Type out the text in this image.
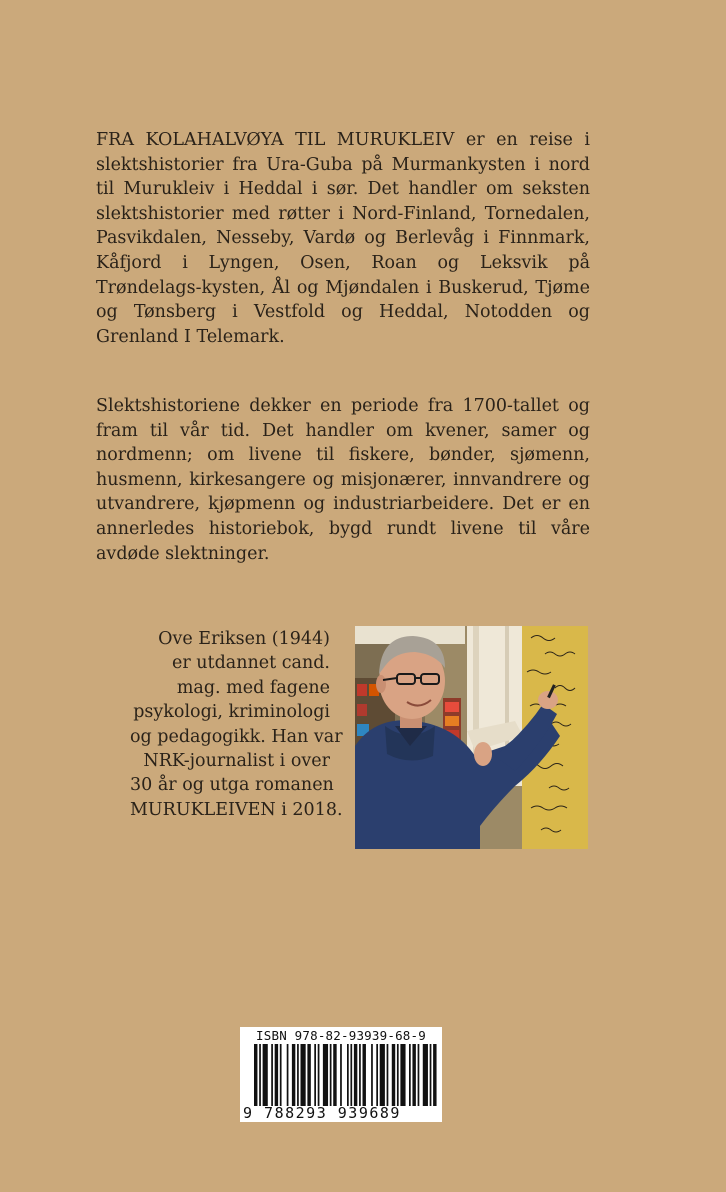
FRA KOLAHALVØYA TIL MURUKLEIV er en reise i slektshistorier fra Ura-Guba på Murmankysten i nord til Murukleiv i Heddal i sør. Det handler om seksten slektshistorier med røtter i Nord-Finland, Tornedalen, Pasvikdalen, Nesseby, Vardø og Berlevåg i Finnmark, Kåfjord i Lyngen, Osen, Roan og Leksvik på Trøndelags-kysten, Ål og Mjøndalen i Buskerud, Tjøme og Tønsberg i Vestfold og Heddal, Notodden og Grenland I Telemark.

Slektshistoriene dekker en periode fra 1700-tallet og fram til vår tid. Det handler om kvener, samer og nordmenn; om livene til fiskere, bønder, sjømenn, husmenn, kirkesangere og misjonærer, innvandrere og utvandrere, kjøpmenn og industriarbeidere. Det er en annerledes historiebok, bygd rundt livene til våre avdøde slektninger.

Ove Eriksen (1944)
er utdannet cand.
mag. med fagene
psykologi, kriminologi
og pedagogikk. Han var
NRK-journalist i over
30 år og utga romanen
MURUKLEIVEN i 2018.
ISBN 978-82-93939-68-9
9 788293 939689
